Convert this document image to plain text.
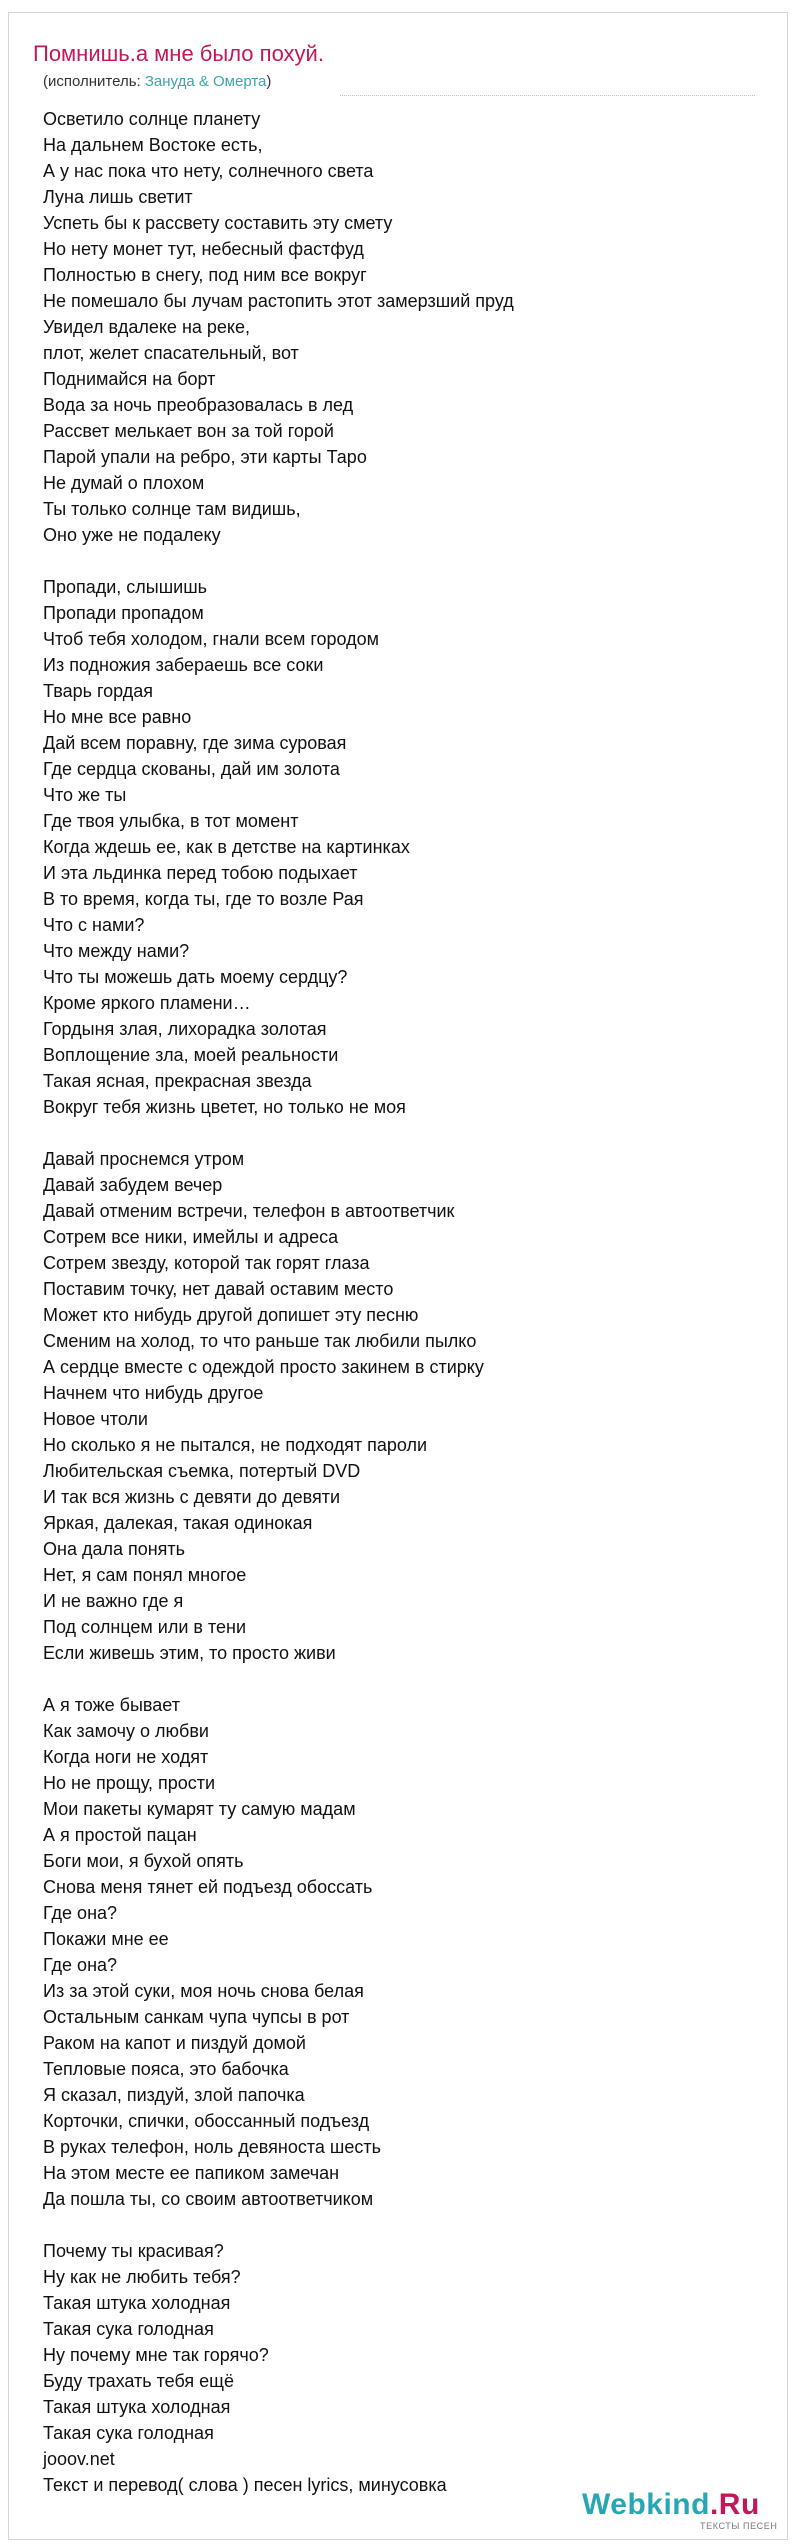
Помнишь.а мне было похуй.
(исполнитель: Зануда & Омерта)
Осветило солнце планету
На дальнем Востоке есть,
А у нас пока что нету, солнечного света
Луна лишь светит
Успеть бы к рассвету составить эту смету
Но нету монет тут, небесный фастфуд
Полностью в снегу, под ним все вокруг
Не помешало бы лучам растопить этот замерзший пруд
Увидел вдалеке на реке,
плот, желет спасательный, вот
Поднимайся на борт
Вода за ночь преобразовалась в лед
Рассвет мелькает вон за той горой
Парой упали на ребро, эти карты Таро
Не думай о плохом
Ты только солнце там видишь,
Оно уже не подалеку
Пропади, слышишь
Пропади пропадом
Чтоб тебя холодом, гнали всем городом
Из подножия забераешь все соки
Тварь гордая
Но мне все равно
Дай всем поравну, где зима суровая
Где сердца скованы, дай им золота
Что же ты
Где твоя улыбка, в тот момент
Когда ждешь ее, как в детстве на картинках
И эта льдинка перед тобою подыхает
В то время, когда ты, где то возле Рая
Что с нами?
Что между нами?
Что ты можешь дать моему сердцу?
Кроме яркого пламени…
Гордыня злая, лихорадка золотая
Воплощение зла, моей реальности
Такая ясная, прекрасная звезда
Вокруг тебя жизнь цветет, но только не моя
Давай проснемся утром
Давай забудем вечер
Давай отменим встречи, телефон в автоответчик
Сотрем все ники, имейлы и адреса
Сотрем звезду, которой так горят глаза
Поставим точку, нет давай оставим место
Может кто нибудь другой допишет эту песню
Сменим на холод, то что раньше так любили пылко
А сердце вместе с одеждой просто закинем в стирку
Начнем что нибудь другое
Новое чтоли
Но сколько я не пытался, не подходят пароли
Любительская съемка, потертый DVD
И так вся жизнь с девяти до девяти
Яркая, далекая, такая одинокая
Она дала понять
Нет, я сам понял многое
И не важно где я
Под солнцем или в тени
Если живешь этим, то просто живи
А я тоже бывает
Как замочу о любви
Когда ноги не ходят
Но не прощу, прости
Мои пакеты кумарят ту самую мадам
А я простой пацан
Боги мои, я бухой опять
Снова меня тянет ей подъезд обоссать
Где она?
Покажи мне ее
Где она?
Из за этой суки, моя ночь снова белая
Остальным санкам чупа чупсы в рот
Раком на капот и пиздуй домой
Тепловые пояса, это бабочка
Я сказал, пиздуй, злой папочка
Корточки, спички, обоссанный подъезд
В руках телефон, ноль девяноста шесть
На этом месте ее папиком замечан
Да пошла ты, со своим автоответчиком
Почему ты красивая?
Ну как не любить тебя?
Такая штука холодная
Такая сука голодная
Ну почему мне так горячо?
Буду трахать тебя ещё
Такая штука холодная
Такая сука голодная
jooov.net
Текст и перевод( слова ) песен lyrics, минусовка
Webkind.Ru
ТЕКСТЫ ПЕСЕН
